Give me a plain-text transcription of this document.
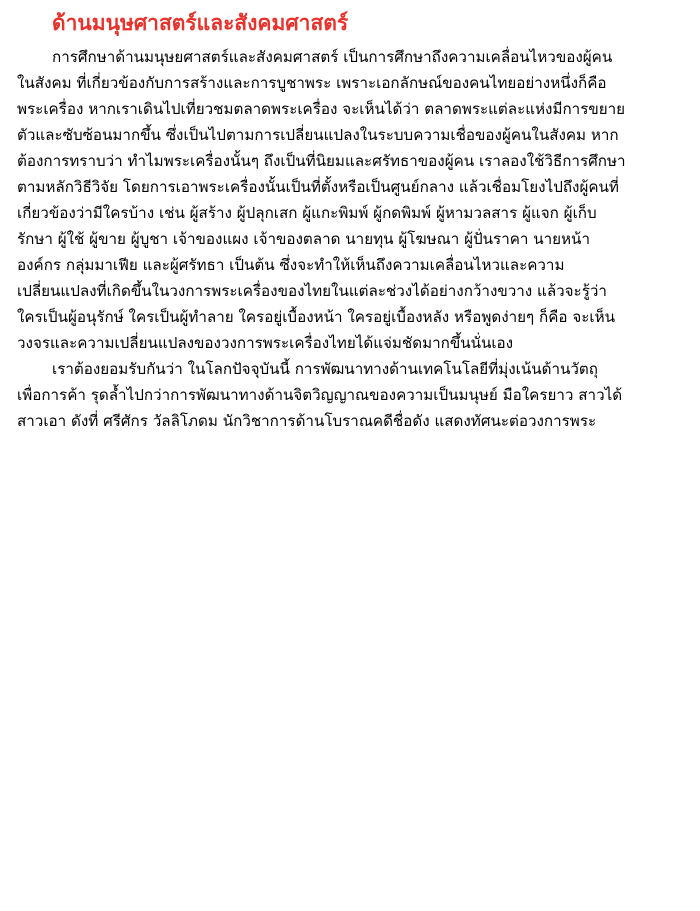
ด้านมนุษศาสตร์และสังคมศาสตร์

การศึกษาด้านมนุษยศาสตร์และสังคมศาสตร์ เป็นการศึกษาถึงความเคลื่อนไหวของผู้คน

ในสังคม ที่เกี่ยวข้องกับการสร้างและการบูชาพระ เพราะเอกลักษณ์ของคนไทยอย่างหนึ่งก็คือ

พระเครื่อง หากเราเดินไปเที่ยวชมตลาดพระเครื่อง จะเห็นได้ว่า ตลาดพระแต่ละแห่งมีการขยาย

ตัวและซับซ้อนมากขึ้น ซึ่งเป็นไปตามการเปลี่ยนแปลงในระบบความเชื่อของผู้คนในสังคม หาก

ต้องการทราบว่า ทำไมพระเครื่องนั้นๆ ถึงเป็นที่นิยมและศรัทธาของผู้คน เราลองใช้วิธีการศึกษา

ตามหลักวิธีวิจัย โดยการเอาพระเครื่องนั้นเป็นที่ตั้งหรือเป็นศูนย์กลาง แล้วเชื่อมโยงไปถึงผู้คนที่

เกี่ยวข้องว่ามีใครบ้าง เช่น ผู้สร้าง ผู้ปลุกเสก ผู้แกะพิมพ์ ผู้กดพิมพ์ ผู้หามวลสาร ผู้แจก ผู้เก็บ

รักษา ผู้ใช้ ผู้ขาย ผู้บูชา เจ้าของแผง เจ้าของตลาด นายทุน ผู้โฆษณา ผู้ปั่นราคา นายหน้า

องค์กร กลุ่มมาเฟีย และผู้ศรัทธา เป็นต้น ซึ่งจะทำให้เห็นถึงความเคลื่อนไหวและความ

เปลี่ยนแปลงที่เกิดขึ้นในวงการพระเครื่องของไทยในแต่ละช่วงได้อย่างกว้างขวาง แล้วจะรู้ว่า

ใครเป็นผู้อนุรักษ์ ใครเป็นผู้ทำลาย ใครอยู่เบื้องหน้า ใครอยู่เบื้องหลัง หรือพูดง่ายๆ ก็คือ จะเห็น

วงจรและความเปลี่ยนแปลงของวงการพระเครื่องไทยได้แจ่มชัดมากขึ้นนั่นเอง

เราต้องยอมรับกันว่า ในโลกปัจจุบันนี้ การพัฒนาทางด้านเทคโนโลยีที่มุ่งเน้นด้านวัตถุ

เพื่อการค้า รุดล้ำไปกว่าการพัฒนาทางด้านจิตวิญญาณของความเป็นมนุษย์ มือใครยาว สาวได้

สาวเอา ดังที่ ศรีศักร วัลลิโภดม นักวิชาการด้านโบราณคดีชื่อดัง แสดงทัศนะต่อวงการพระ
